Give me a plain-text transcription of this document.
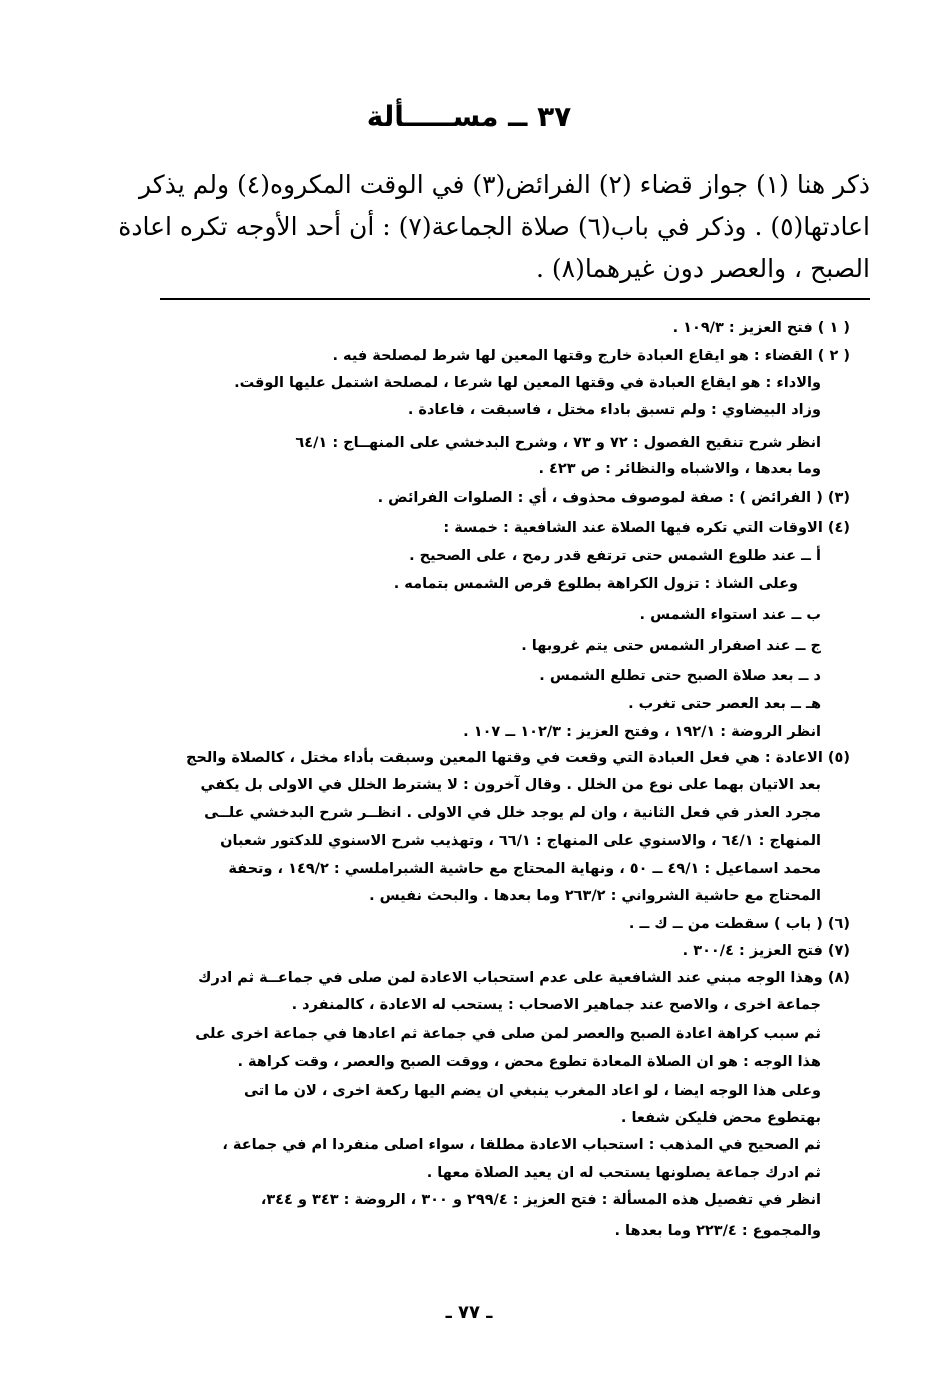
٣٧ ــ مســـــألة
ذكر هنا (١) جواز قضاء (٢) الفرائض(٣) في الوقت المكروه(٤) ولم يذكر
اعادتها(٥) . وذكر في باب(٦) صلاة الجماعة(٧) : أن أحد الأوجه تكره اعادة
الصبح ، والعصر دون غيرهما(٨) .
( ١ ) فتح العزيز : ١٠٩/٣ .
( ٢ ) القضاء : هو ايقاع العبادة خارج وقتها المعين لها شرط لمصلحة فيه .
والاداء : هو ايقاع العبادة في وقتها المعين لها شرعا ، لمصلحة اشتمل عليها الوقت.
وزاد البيضاوي : ولم تسبق باداء مختل ، فاسبقت ، فاعادة .
انظر شرح تنقيح الفصول : ٧٢ و ٧٣ ، وشرح البدخشي على المنهــاج : ٦٤/١
وما بعدها ، والاشباه والنظائر : ص ٤٢٣ .
(٣) ( الفرائض ) : صفة لموصوف محذوف ، أي : الصلوات الفرائض .
(٤) الاوقات التي تكره فيها الصلاة عند الشافعية : خمسة :
أ ــ عند طلوع الشمس حتى ترتفع قدر رمح ، على الصحيح .
وعلى الشاذ : تزول الكراهة بطلوع قرص الشمس بتمامه .
ب ــ عند استواء الشمس .
ج ــ عند اصفرار الشمس حتى يتم غروبها .
د ــ بعد صلاة الصبح حتى تطلع الشمس .
هـ ــ بعد العصر حتى تغرب .
انظر الروضة : ١٩٢/١ ، وفتح العزيز : ١٠٢/٣ ــ ١٠٧ .
(٥) الاعادة : هي فعل العبادة التي وقعت في وقتها المعين وسبقت بأداء مختل ، كالصلاة والحج
بعد الاتيان بهما على نوع من الخلل . وقال آخرون : لا يشترط الخلل في الاولى بل يكفي
مجرد العذر في فعل الثانية ، وان لم يوجد خلل في الاولى . انظــر شرح البدخشي علــى
المنهاج : ٦٤/١ ، والاسنوي على المنهاج : ٦٦/١ ، وتهذيب شرح الاسنوي للدكتور شعبان
محمد اسماعيل : ٤٩/١ ــ ٥٠ ، ونهاية المحتاج مع حاشية الشبراملسي : ١٤٩/٢ ، وتحفة
المحتاج مع حاشية الشرواني : ٢٦٣/٢ وما بعدها . والبحث نفيس .
(٦) ( باب ) سقطت من ــ ك ــ .
(٧) فتح العزيز : ٣٠٠/٤ .
(٨) وهذا الوجه مبني عند الشافعية على عدم استحباب الاعادة لمن صلى في جماعــة ثم ادرك
جماعة اخرى ، والاصح عند جماهير الاصحاب : يستحب له الاعادة ، كالمنفرد .
ثم سبب كراهة اعادة الصبح والعصر لمن صلى في جماعة ثم اعادها في جماعة اخرى على
هذا الوجه : هو ان الصلاة المعادة تطوع محض ، ووقت الصبح والعصر ، وقت كراهة .
وعلى هذا الوجه ايضا ، لو اعاد المغرب ينبغي ان يضم اليها ركعة اخرى ، لان ما اتى
بهتطوع محض فليكن شفعا .
ثم الصحيح في المذهب : استحباب الاعادة مطلقا ، سواء اصلى منفردا ام في جماعة ،
ثم ادرك جماعة يصلونها يستحب له ان يعيد الصلاة معها .
انظر في تفصيل هذه المسألة : فتح العزيز : ٢٩٩/٤ و ٣٠٠ ، الروضة : ٣٤٣ و ٣٤٤،
والمجموع : ٢٢٣/٤ وما بعدها .
ـ ٧٧ ـ
